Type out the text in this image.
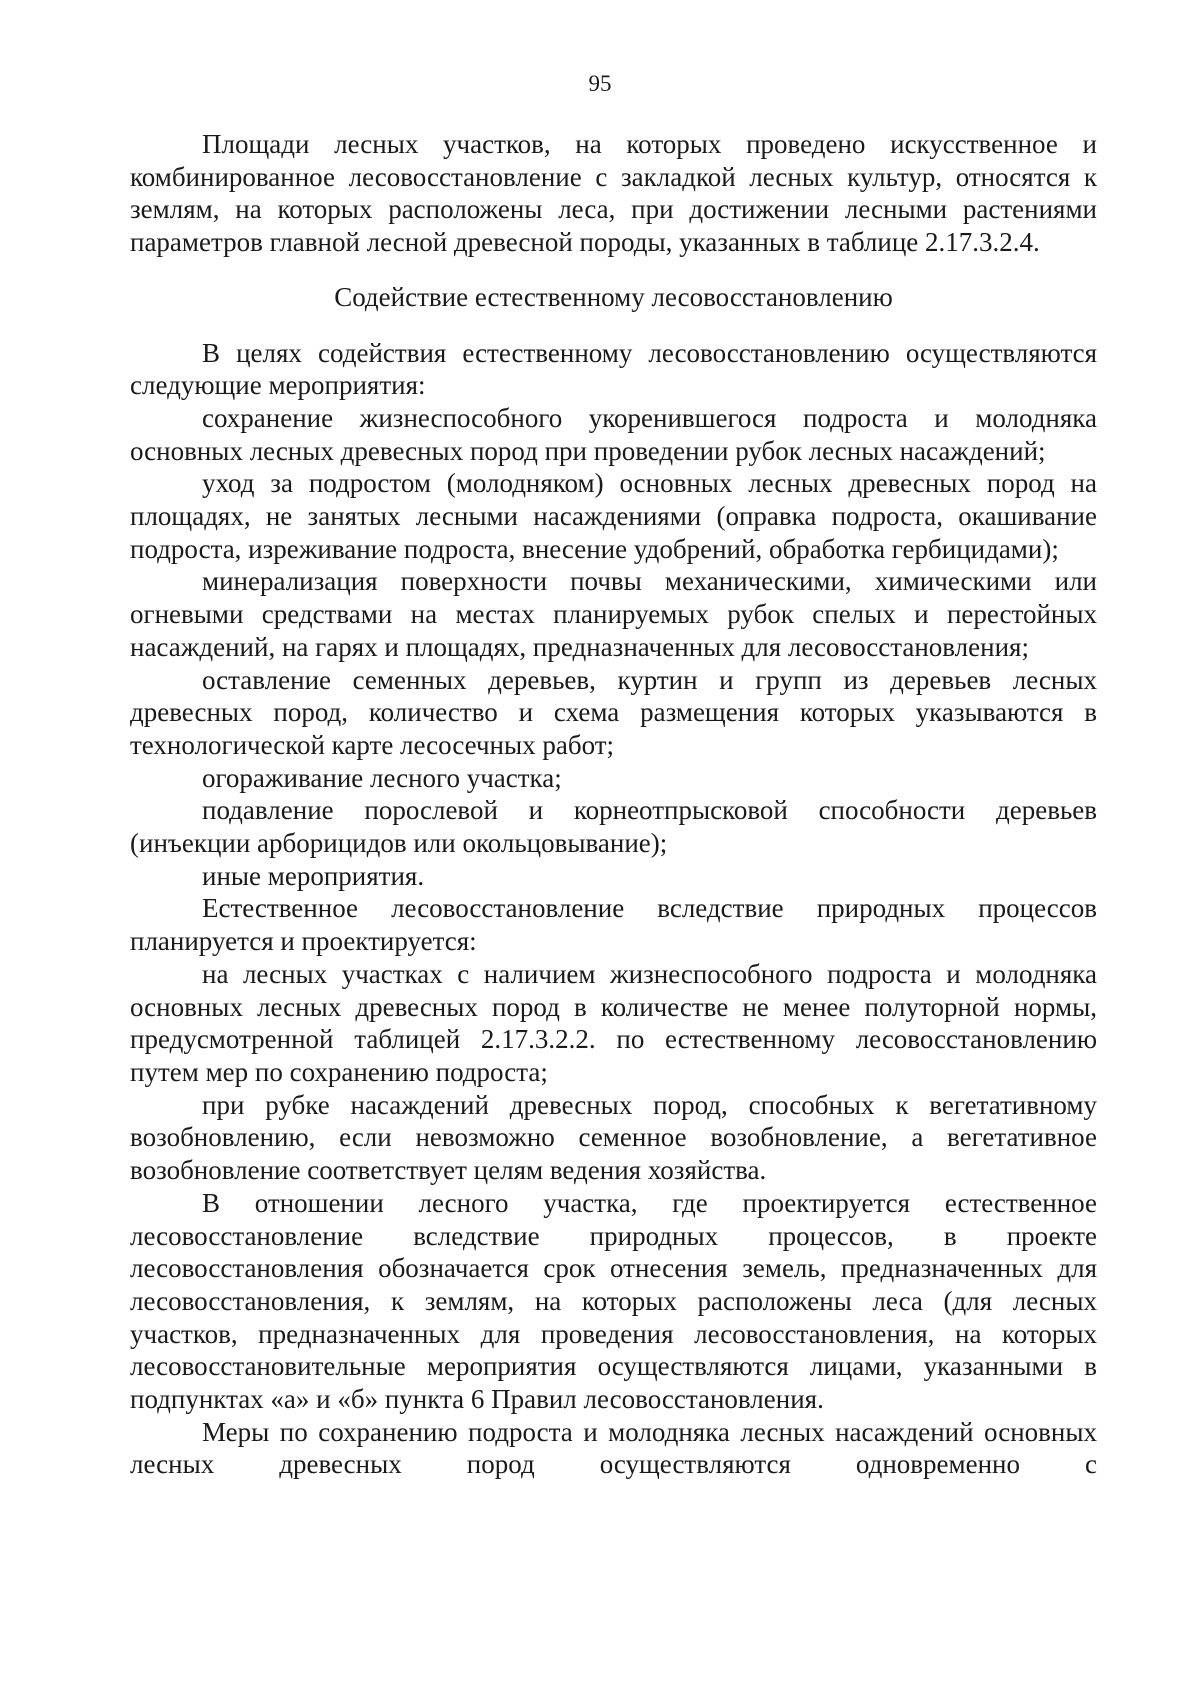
95

Площади лесных участков, на которых проведено искусственное и комбинированное лесовосстановление с закладкой лесных культур, относятся к землям, на которых расположены леса, при достижении лесными растениями параметров главной лесной древесной породы, указанных в таблице 2.17.3.2.4.

Содействие естественному лесовосстановлению

В целях содействия естественному лесовосстановлению осуществляются следующие мероприятия:

сохранение жизнеспособного укоренившегося подроста и молодняка основных лесных древесных пород при проведении рубок лесных насаждений;

уход за подростом (молодняком) основных лесных древесных пород на площадях, не занятых лесными насаждениями (оправка подроста, окашивание подроста, изреживание подроста, внесение удобрений, обработка гербицидами);

минерализация поверхности почвы механическими, химическими или огневыми средствами на местах планируемых рубок спелых и перестойных насаждений, на гарях и площадях, предназначенных для лесовосстановления;

оставление семенных деревьев, куртин и групп из деревьев лесных древесных пород, количество и схема размещения которых указываются в технологической карте лесосечных работ;

огораживание лесного участка;

подавление порослевой и корнеотпрысковой способности деревьев (инъекции арборицидов или окольцовывание);

иные мероприятия.

Естественное лесовосстановление вследствие природных процессов планируется и проектируется:

на лесных участках с наличием жизнеспособного подроста и молодняка основных лесных древесных пород в количестве не менее полуторной нормы, предусмотренной таблицей 2.17.3.2.2. по естественному лесовосстановлению путем мер по сохранению подроста;

при рубке насаждений древесных пород, способных к вегетативному возобновлению, если невозможно семенное возобновление, а вегетативное возобновление соответствует целям ведения хозяйства.

В отношении лесного участка, где проектируется естественное лесовосстановление вследствие природных процессов, в проекте лесовосстановления обозначается срок отнесения земель, предназначенных для лесовосстановления, к землям, на которых расположены леса (для лесных участков, предназначенных для проведения лесовосстановления, на которых лесовосстановительные мероприятия осуществляются лицами, указанными в подпунктах «а» и «б» пункта 6 Правил лесовосстановления.

Меры по сохранению подроста и молодняка лесных насаждений основных лесных древесных пород осуществляются одновременно с
